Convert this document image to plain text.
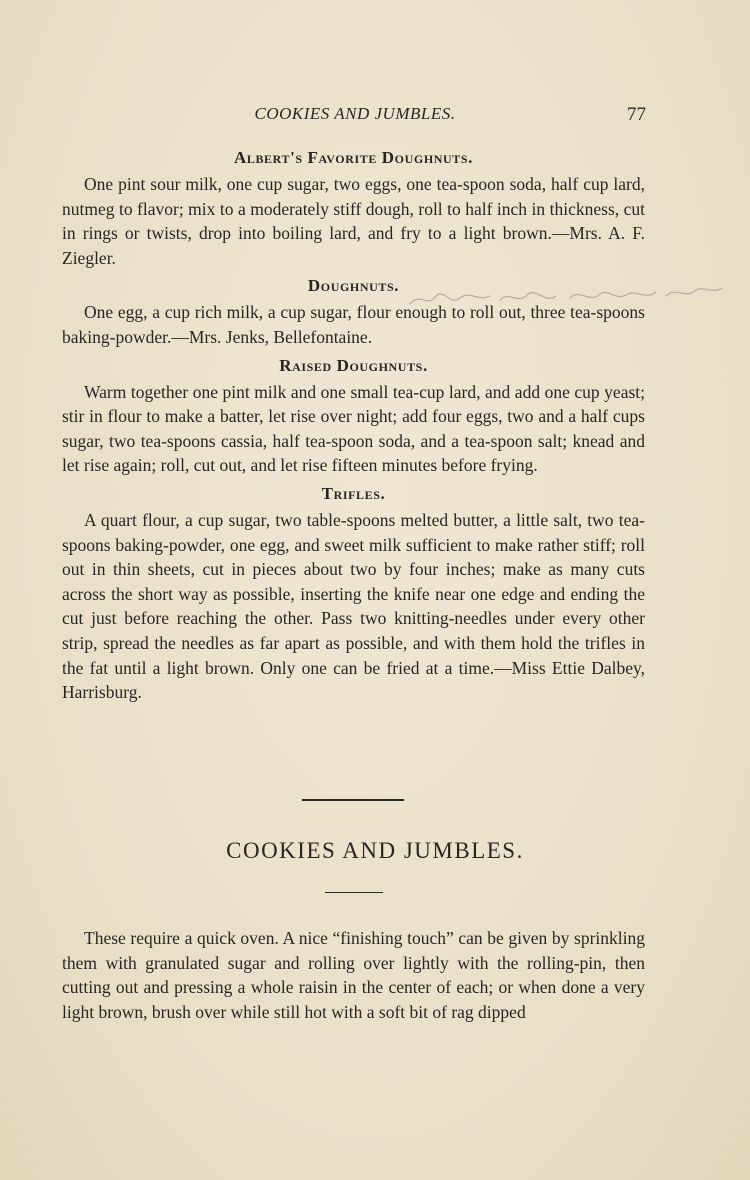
COOKIES AND JUMBLES.	77
Albert's Favorite Doughnuts.

One pint sour milk, one cup sugar, two eggs, one tea-spoon soda, half cup lard, nutmeg to flavor; mix to a moderately stiff dough, roll to half inch in thickness, cut in rings or twists, drop into boiling lard, and fry to a light brown.—Mrs. A. F. Ziegler.

Doughnuts.

One egg, a cup rich milk, a cup sugar, flour enough to roll out, three tea-spoons baking-powder.—Mrs. Jenks, Bellefontaine.

Raised Doughnuts.

Warm together one pint milk and one small tea-cup lard, and add one cup yeast; stir in flour to make a batter, let rise over night; add four eggs, two and a half cups sugar, two tea-spoons cassia, half tea-spoon soda, and a tea-spoon salt; knead and let rise again; roll, cut out, and let rise fifteen minutes before frying.

Trifles.

A quart flour, a cup sugar, two table-spoons melted butter, a little salt, two tea-spoons baking-powder, one egg, and sweet milk sufficient to make rather stiff; roll out in thin sheets, cut in pieces about two by four inches; make as many cuts across the short way as possible, inserting the knife near one edge and ending the cut just before reaching the other. Pass two knitting-needles under every other strip, spread the needles as far apart as possible, and with them hold the trifles in the fat until a light brown. Only one can be fried at a time.—Miss Ettie Dalbey, Harrisburg.

COOKIES AND JUMBLES.

These require a quick oven. A nice “finishing touch” can be given by sprinkling them with granulated sugar and rolling over lightly with the rolling-pin, then cutting out and pressing a whole raisin in the center of each; or when done a very light brown, brush over while still hot with a soft bit of rag dipped
